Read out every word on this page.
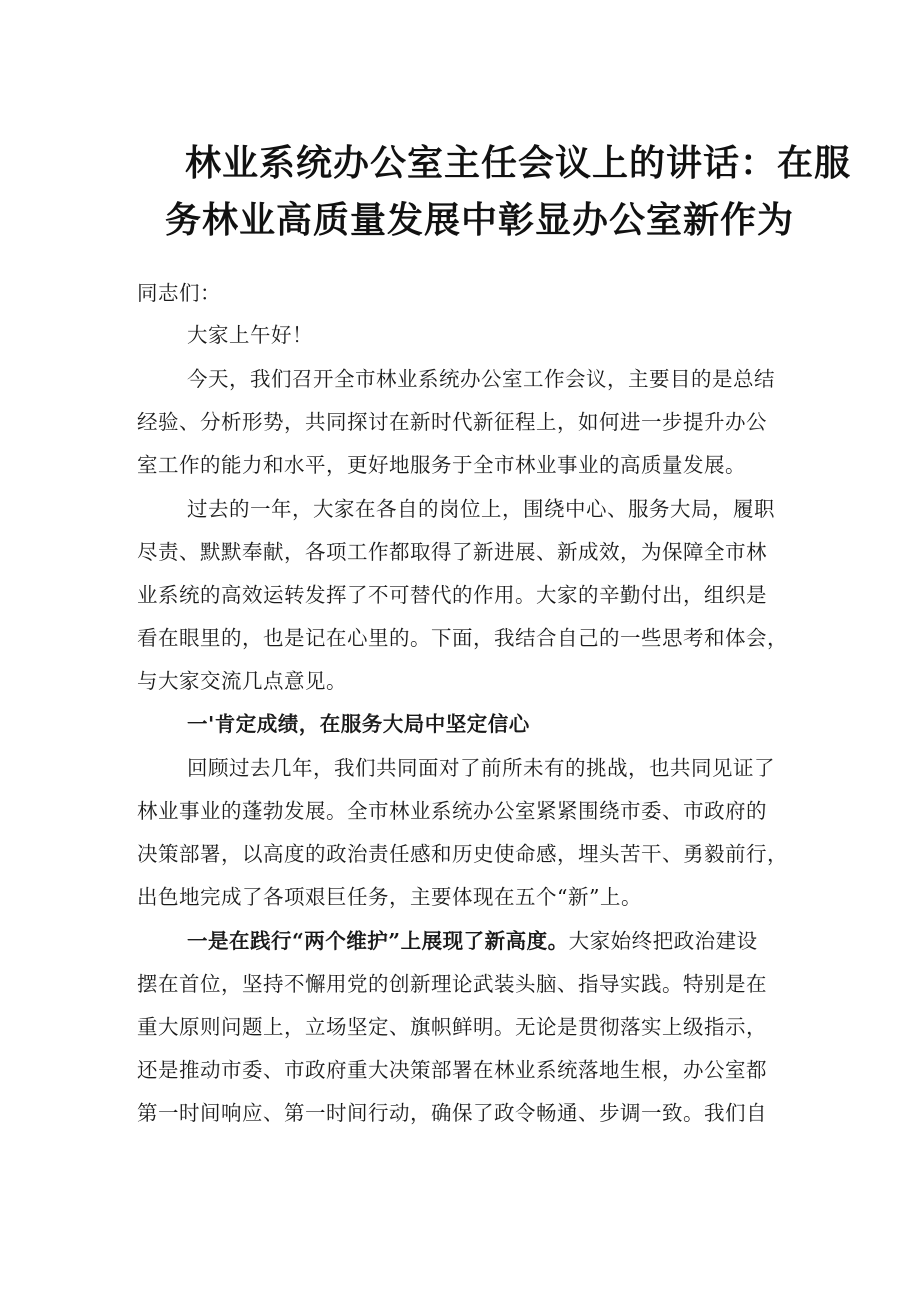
林业系统办公室主任会议上的讲话：在服
务林业高质量发展中彰显办公室新作为

同志们：

大家上午好！

今天，我们召开全市林业系统办公室工作会议，主要目的是总结

经验、分析形势，共同探讨在新时代新征程上，如何进一步提升办公

室工作的能力和水平，更好地服务于全市林业事业的高质量发展。

过去的一年，大家在各自的岗位上，围绕中心、服务大局，履职

尽责、默默奉献，各项工作都取得了新进展、新成效，为保障全市林

业系统的高效运转发挥了不可替代的作用。大家的辛勤付出，组织是

看在眼里的，也是记在心里的。下面，我结合自己的一些思考和体会，

与大家交流几点意见。

一'肯定成绩，在服务大局中坚定信心

回顾过去几年，我们共同面对了前所未有的挑战，也共同见证了

林业事业的蓬勃发展。全市林业系统办公室紧紧围绕市委、市政府的

决策部署，以高度的政治责任感和历史使命感，埋头苦干、勇毅前行，

出色地完成了各项艰巨任务，主要体现在五个“新”上。

一是在践行“两个维护”上展现了新高度。大家始终把政治建设

摆在首位，坚持不懈用党的创新理论武装头脑、指导实践。特别是在

重大原则问题上，立场坚定、旗帜鲜明。无论是贯彻落实上级指示，

还是推动市委、市政府重大决策部署在林业系统落地生根，办公室都

第一时间响应、第一时间行动，确保了政令畅通、步调一致。我们自
